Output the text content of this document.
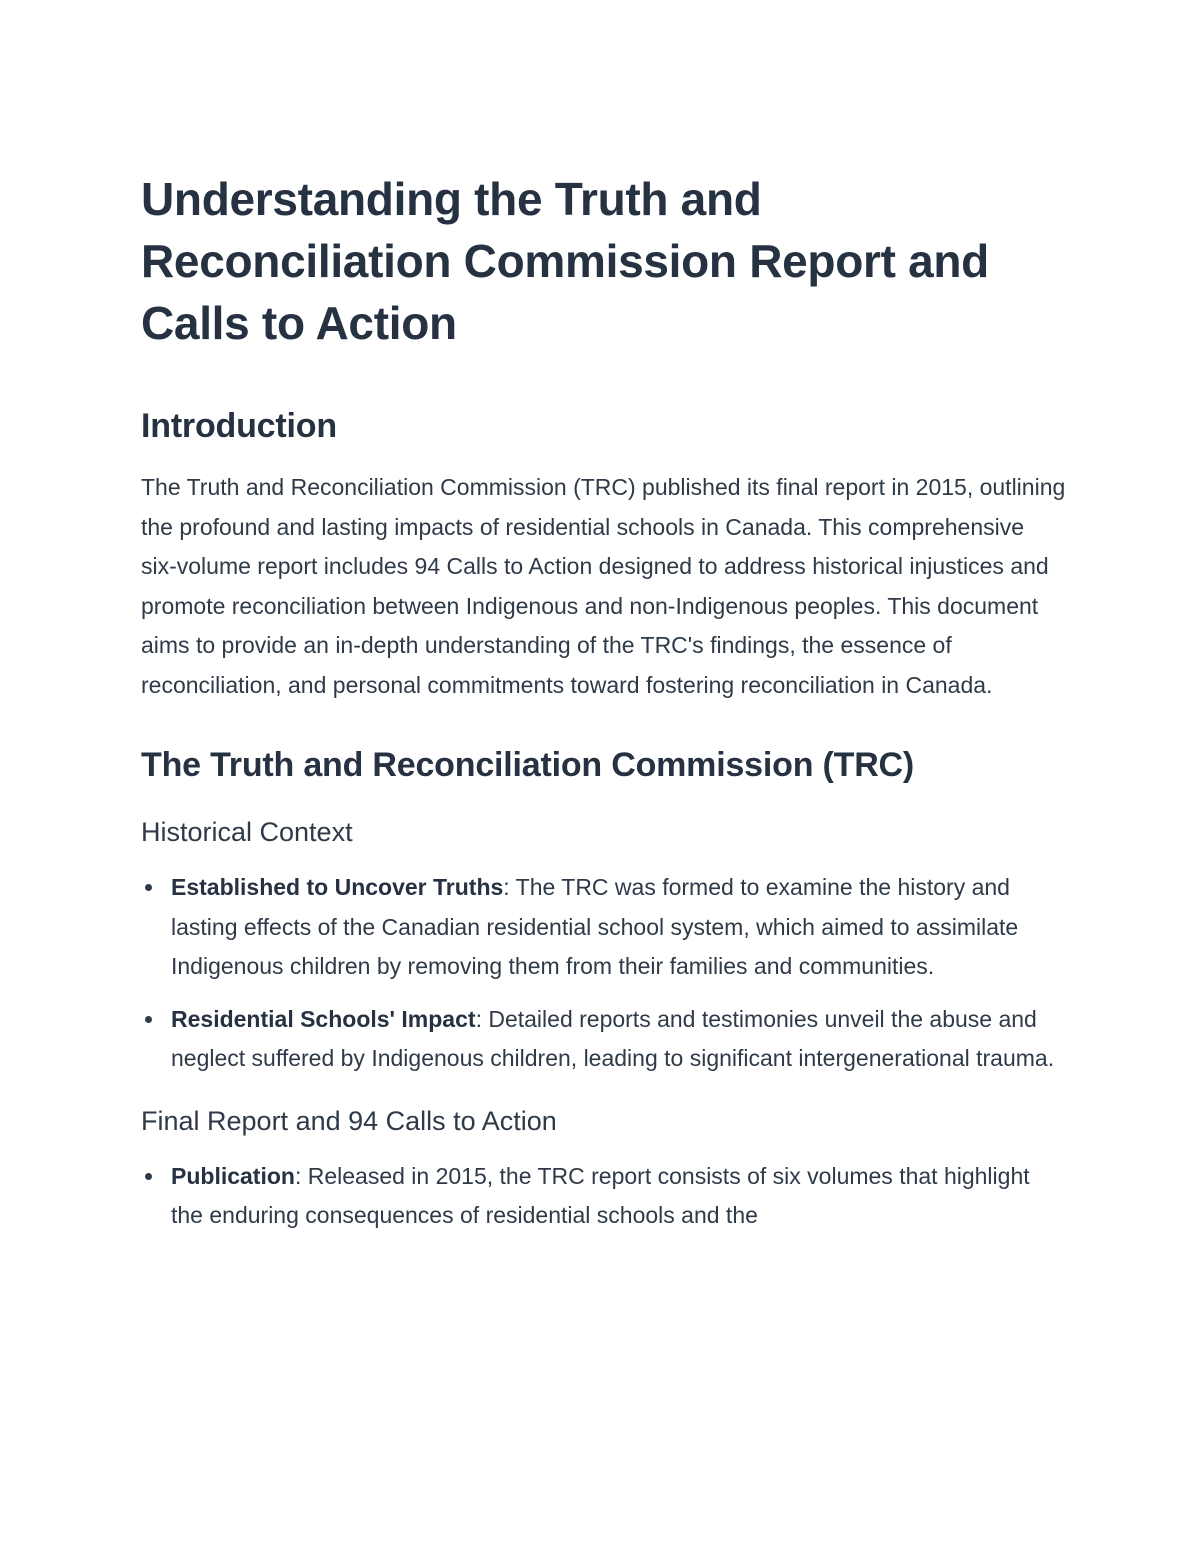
Understanding the Truth and Reconciliation Commission Report and Calls to Action
Introduction

The Truth and Reconciliation Commission (TRC) published its final report in 2015, outlining the profound and lasting impacts of residential schools in Canada. This comprehensive six-volume report includes 94 Calls to Action designed to address historical injustices and promote reconciliation between Indigenous and non-Indigenous peoples. This document aims to provide an in-depth understanding of the TRC's findings, the essence of reconciliation, and personal commitments toward fostering reconciliation in Canada.

The Truth and Reconciliation Commission (TRC)
Historical Context
Established to Uncover Truths: The TRC was formed to examine the history and lasting effects of the Canadian residential school system, which aimed to assimilate Indigenous children by removing them from their families and communities.
Residential Schools' Impact: Detailed reports and testimonies unveil the abuse and neglect suffered by Indigenous children, leading to significant intergenerational trauma.
Final Report and 94 Calls to Action
Publication: Released in 2015, the TRC report consists of six volumes that highlight the enduring consequences of residential schools and the
